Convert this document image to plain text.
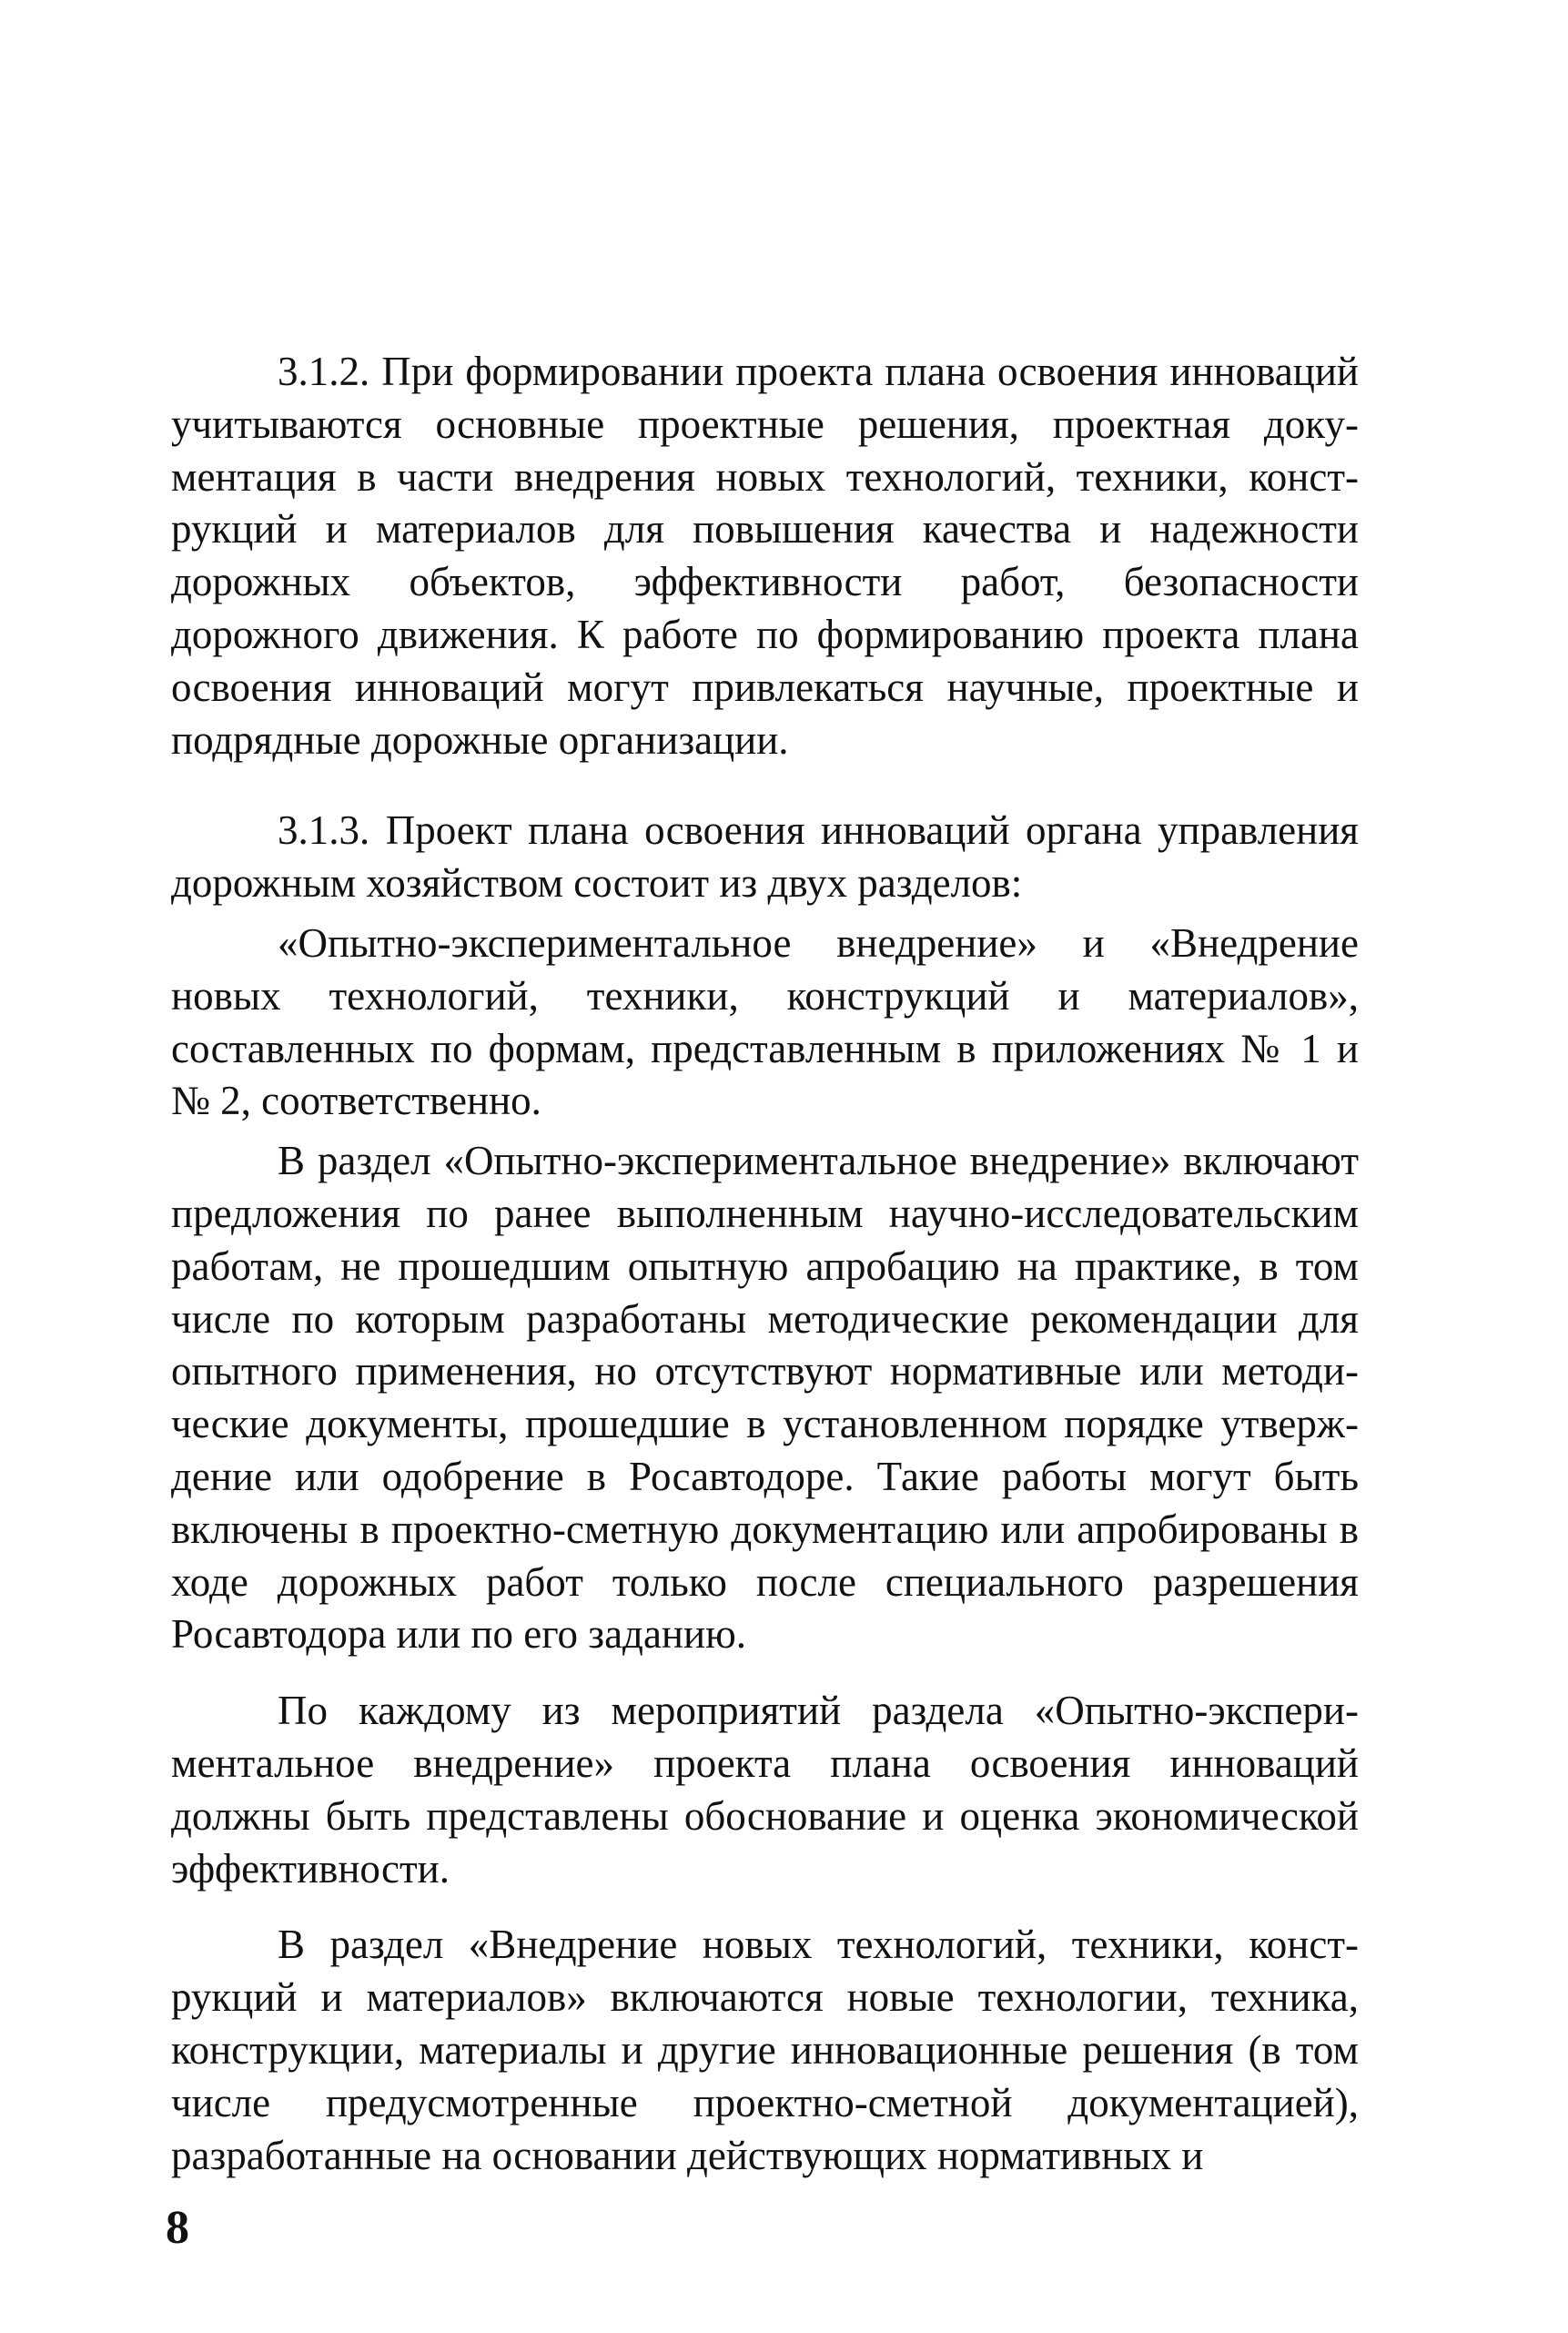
3.1.2. При формировании проекта плана освоения инноваций учитываются основные проектные решения, проектная документация в части внедрения новых технологий, техники, конструкций и материалов для повышения качества и надежности дорожных объектов, эффективности работ, безопасности дорожного движения. К работе по формированию проекта плана освоения инноваций могут привлекаться научные, проектные и подрядные дорожные организации.

3.1.3. Проект плана освоения инноваций органа управления дорожным хозяйством состоит из двух разделов:

«Опытно-экспериментальное внедрение» и «Внедрение новых технологий, техники, конструкций и материалов», составленных по формам, представленным в приложениях № 1 и № 2, соответственно.

В раздел «Опытно-экспериментальное внедрение» включают предложения по ранее выполненным научно-исследовательским работам, не прошедшим опытную апробацию на практике, в том числе по которым разработаны методические рекомендации для опытного применения, но отсутствуют нормативные или методические документы, прошедшие в установленном порядке утверждение или одобрение в Росавтодоре. Такие работы могут быть включены в проектно-сметную документацию или апробированы в ходе дорожных работ только после специального разрешения Росавтодора или по его заданию.

По каждому из мероприятий раздела «Опытно-экспериментальное внедрение» проекта плана освоения инноваций должны быть представлены обоснование и оценка экономической эффективности.

В раздел «Внедрение новых технологий, техники, конструкций и материалов» включаются новые технологии, техника, конструкции, материалы и другие инновационные решения (в том числе предусмотренные проектно-сметной документацией), разработанные на основании действующих нормативных и

8
